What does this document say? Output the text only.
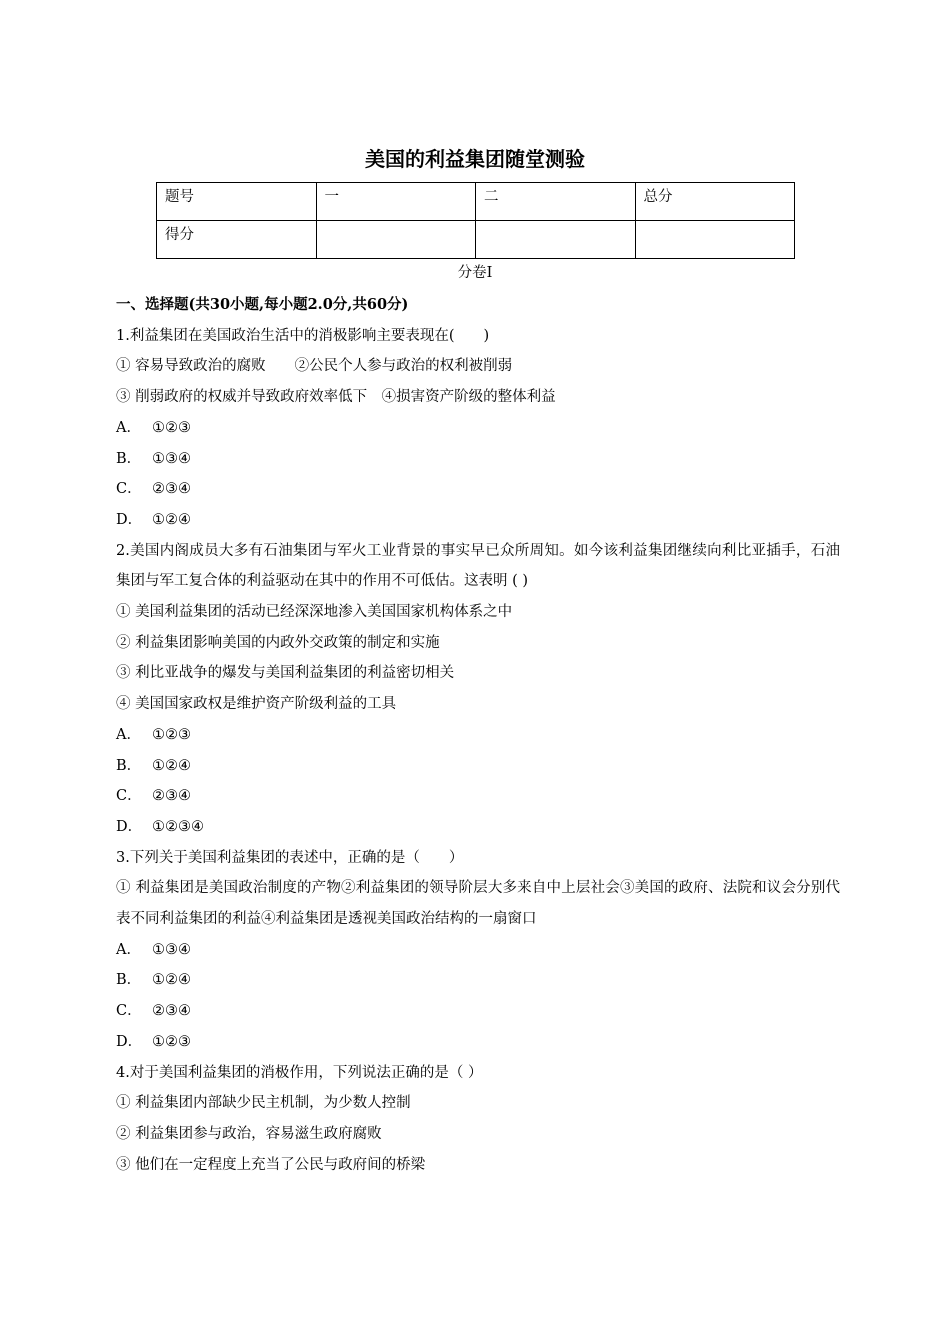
美国的利益集团随堂测验
题号	一	二	总分
得分			
分卷I
一、选择题(共30小题,每小题2.0分,共60分)
1.利益集团在美国政治生活中的消极影响主要表现在(　　)
① 容易导致政治的腐败　　②公民个人参与政治的权利被削弱
③ 削弱政府的权威并导致政府效率低下　④损害资产阶级的整体利益
A． ①②③
B． ①③④
C． ②③④
D． ①②④
2.美国内阁成员大多有石油集团与军火工业背景的事实早已众所周知。如今该利益集团继续向利比亚插手，石油集团与军工复合体的利益驱动在其中的作用不可低估。这表明 ( )
① 美国利益集团的活动已经深深地渗入美国国家机构体系之中
② 利益集团影响美国的内政外交政策的制定和实施
③ 利比亚战争的爆发与美国利益集团的利益密切相关
④ 美国国家政权是维护资产阶级利益的工具
A． ①②③
B． ①②④
C． ②③④
D． ①②③④
3.下列关于美国利益集团的表述中，正确的是（　　）
① 利益集团是美国政治制度的产物②利益集团的领导阶层大多来自中上层社会③美国的政府、法院和议会分别代表不同利益集团的利益④利益集团是透视美国政治结构的一扇窗口
A． ①③④
B． ①②④
C． ②③④
D． ①②③
4.对于美国利益集团的消极作用，下列说法正确的是（ ）
① 利益集团内部缺少民主机制，为少数人控制
② 利益集团参与政治，容易滋生政府腐败
③ 他们在一定程度上充当了公民与政府间的桥梁
